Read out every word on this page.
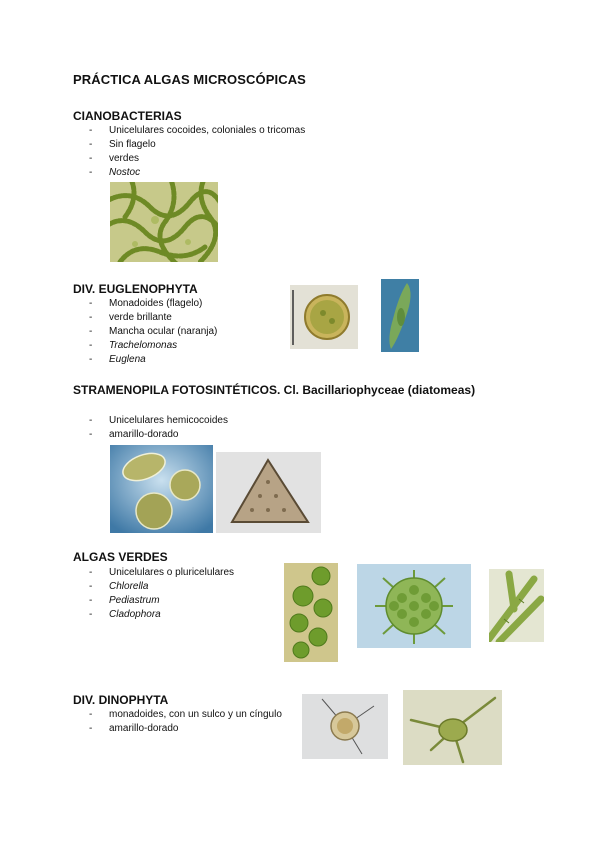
PRÁCTICA ALGAS MICROSCÓPICAS
CIANOBACTERIAS
-	Unicelulares cocoides, coloniales o tricomas
-	Sin flagelo
-	verdes
-	Nostoc
DIV. EUGLENOPHYTA
-	Monadoides (flagelo)
-	verde brillante
-	Mancha ocular (naranja)
-	Trachelomonas
-	Euglena
STRAMENOPILA FOTOSINTÉTICOS. Cl. Bacillariophyceae (diatomeas)
-	Unicelulares hemicocoides
-	amarillo-dorado
ALGAS VERDES
-	Unicelulares o pluricelulares
-	Chlorella
-	Pediastrum
-	Cladophora
DIV. DINOPHYTA
-	monadoides, con un sulco y un cíngulo
-	amarillo-dorado
